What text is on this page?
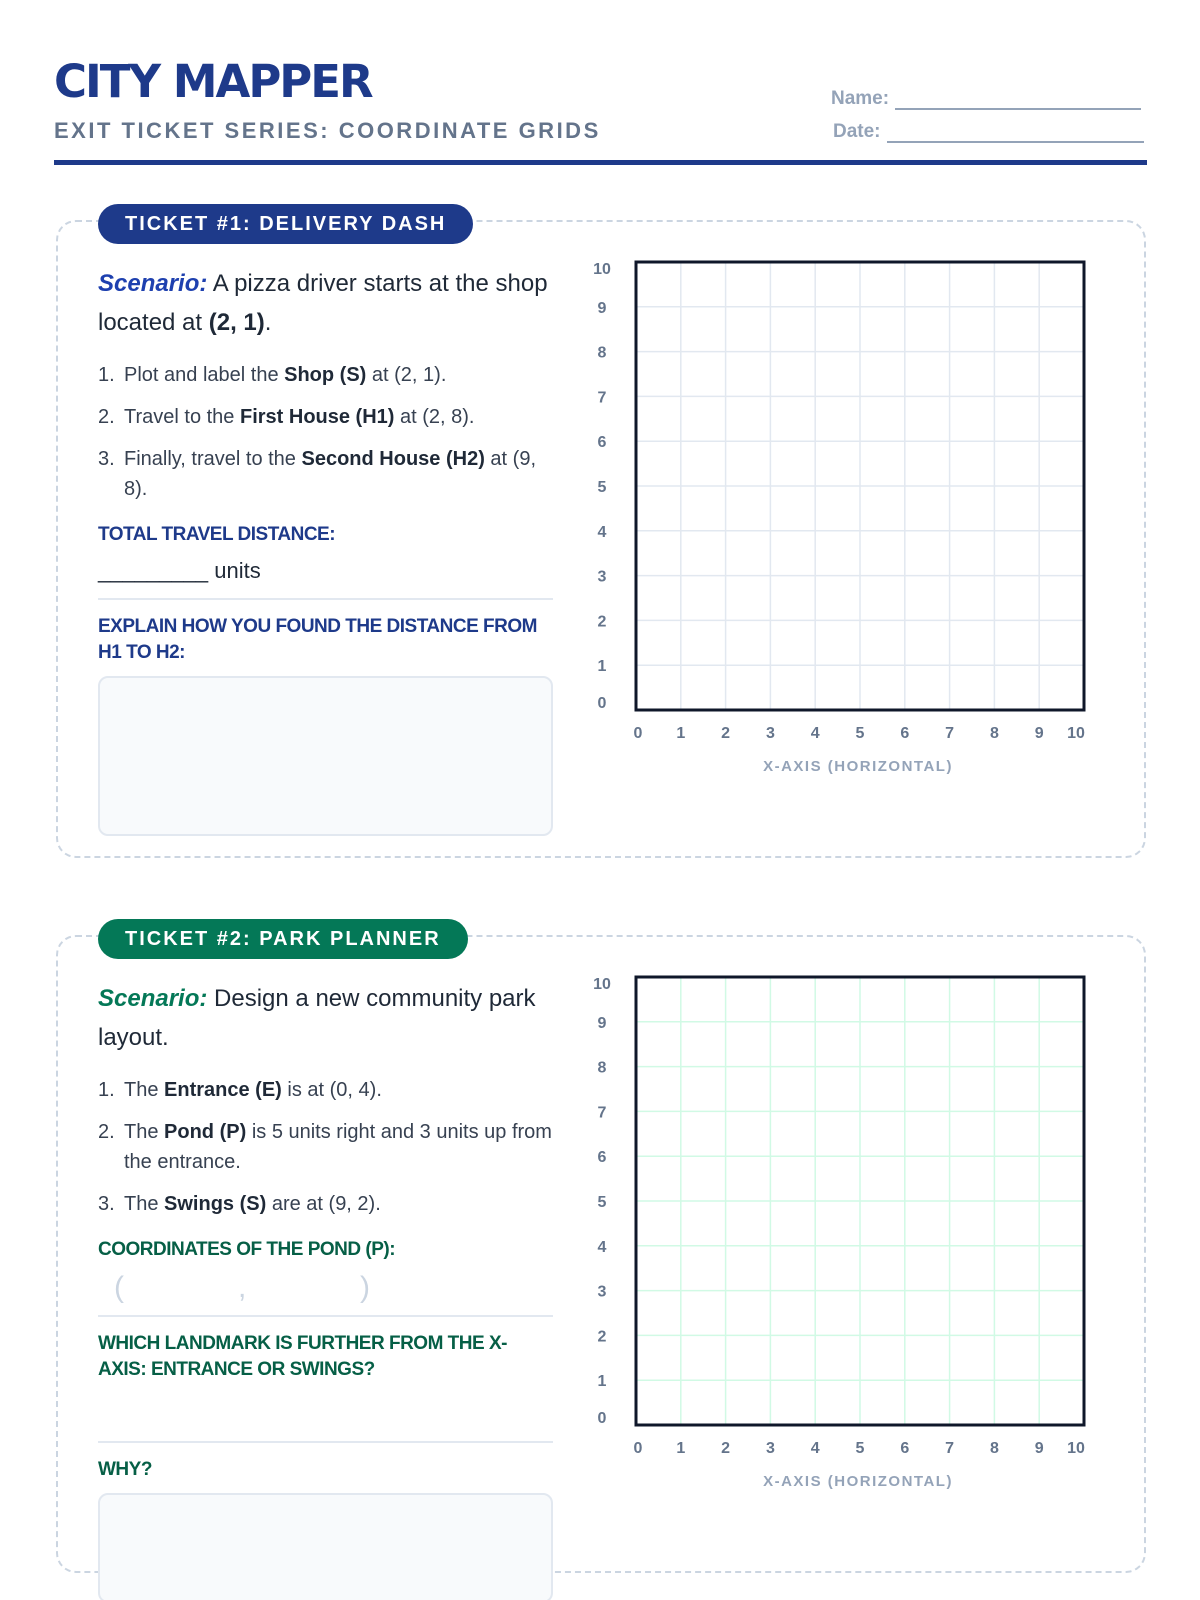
CITY MAPPER
EXIT TICKET SERIES: COORDINATE GRIDS
Name:
Date:
TICKET #1: DELIVERY DASH
Scenario: A pizza driver starts at the shop located at (2, 1).
1. Plot and label the Shop (S) at (2, 1).
2. Travel to the First House (H1) at (2, 8).
3. Finally, travel to the Second House (H2) at (9, 8).
TOTAL TRAVEL DISTANCE:
_________ units
EXPLAIN HOW YOU FOUND THE DISTANCE FROM H1 TO H2:
0 1 2 3 4 5 6 7 8 9 10
0
1
2
3
4
5
6
7
8
9
10
X-AXIS (HORIZONTAL)
TICKET #2: PARK PLANNER
Scenario: Design a new community park layout.
1. The Entrance (E) is at (0, 4).
2. The Pond (P) is 5 units right and 3 units up from the entrance.
3. The Swings (S) are at (9, 2).
COORDINATES OF THE POND (P):
(	,	)
WHICH LANDMARK IS FURTHER FROM THE X-AXIS: ENTRANCE OR SWINGS?
WHY?
0 1 2 3 4 5 6 7 8 9 10
0
1
2
3
4
5
6
7
8
9
10
X-AXIS (HORIZONTAL)
